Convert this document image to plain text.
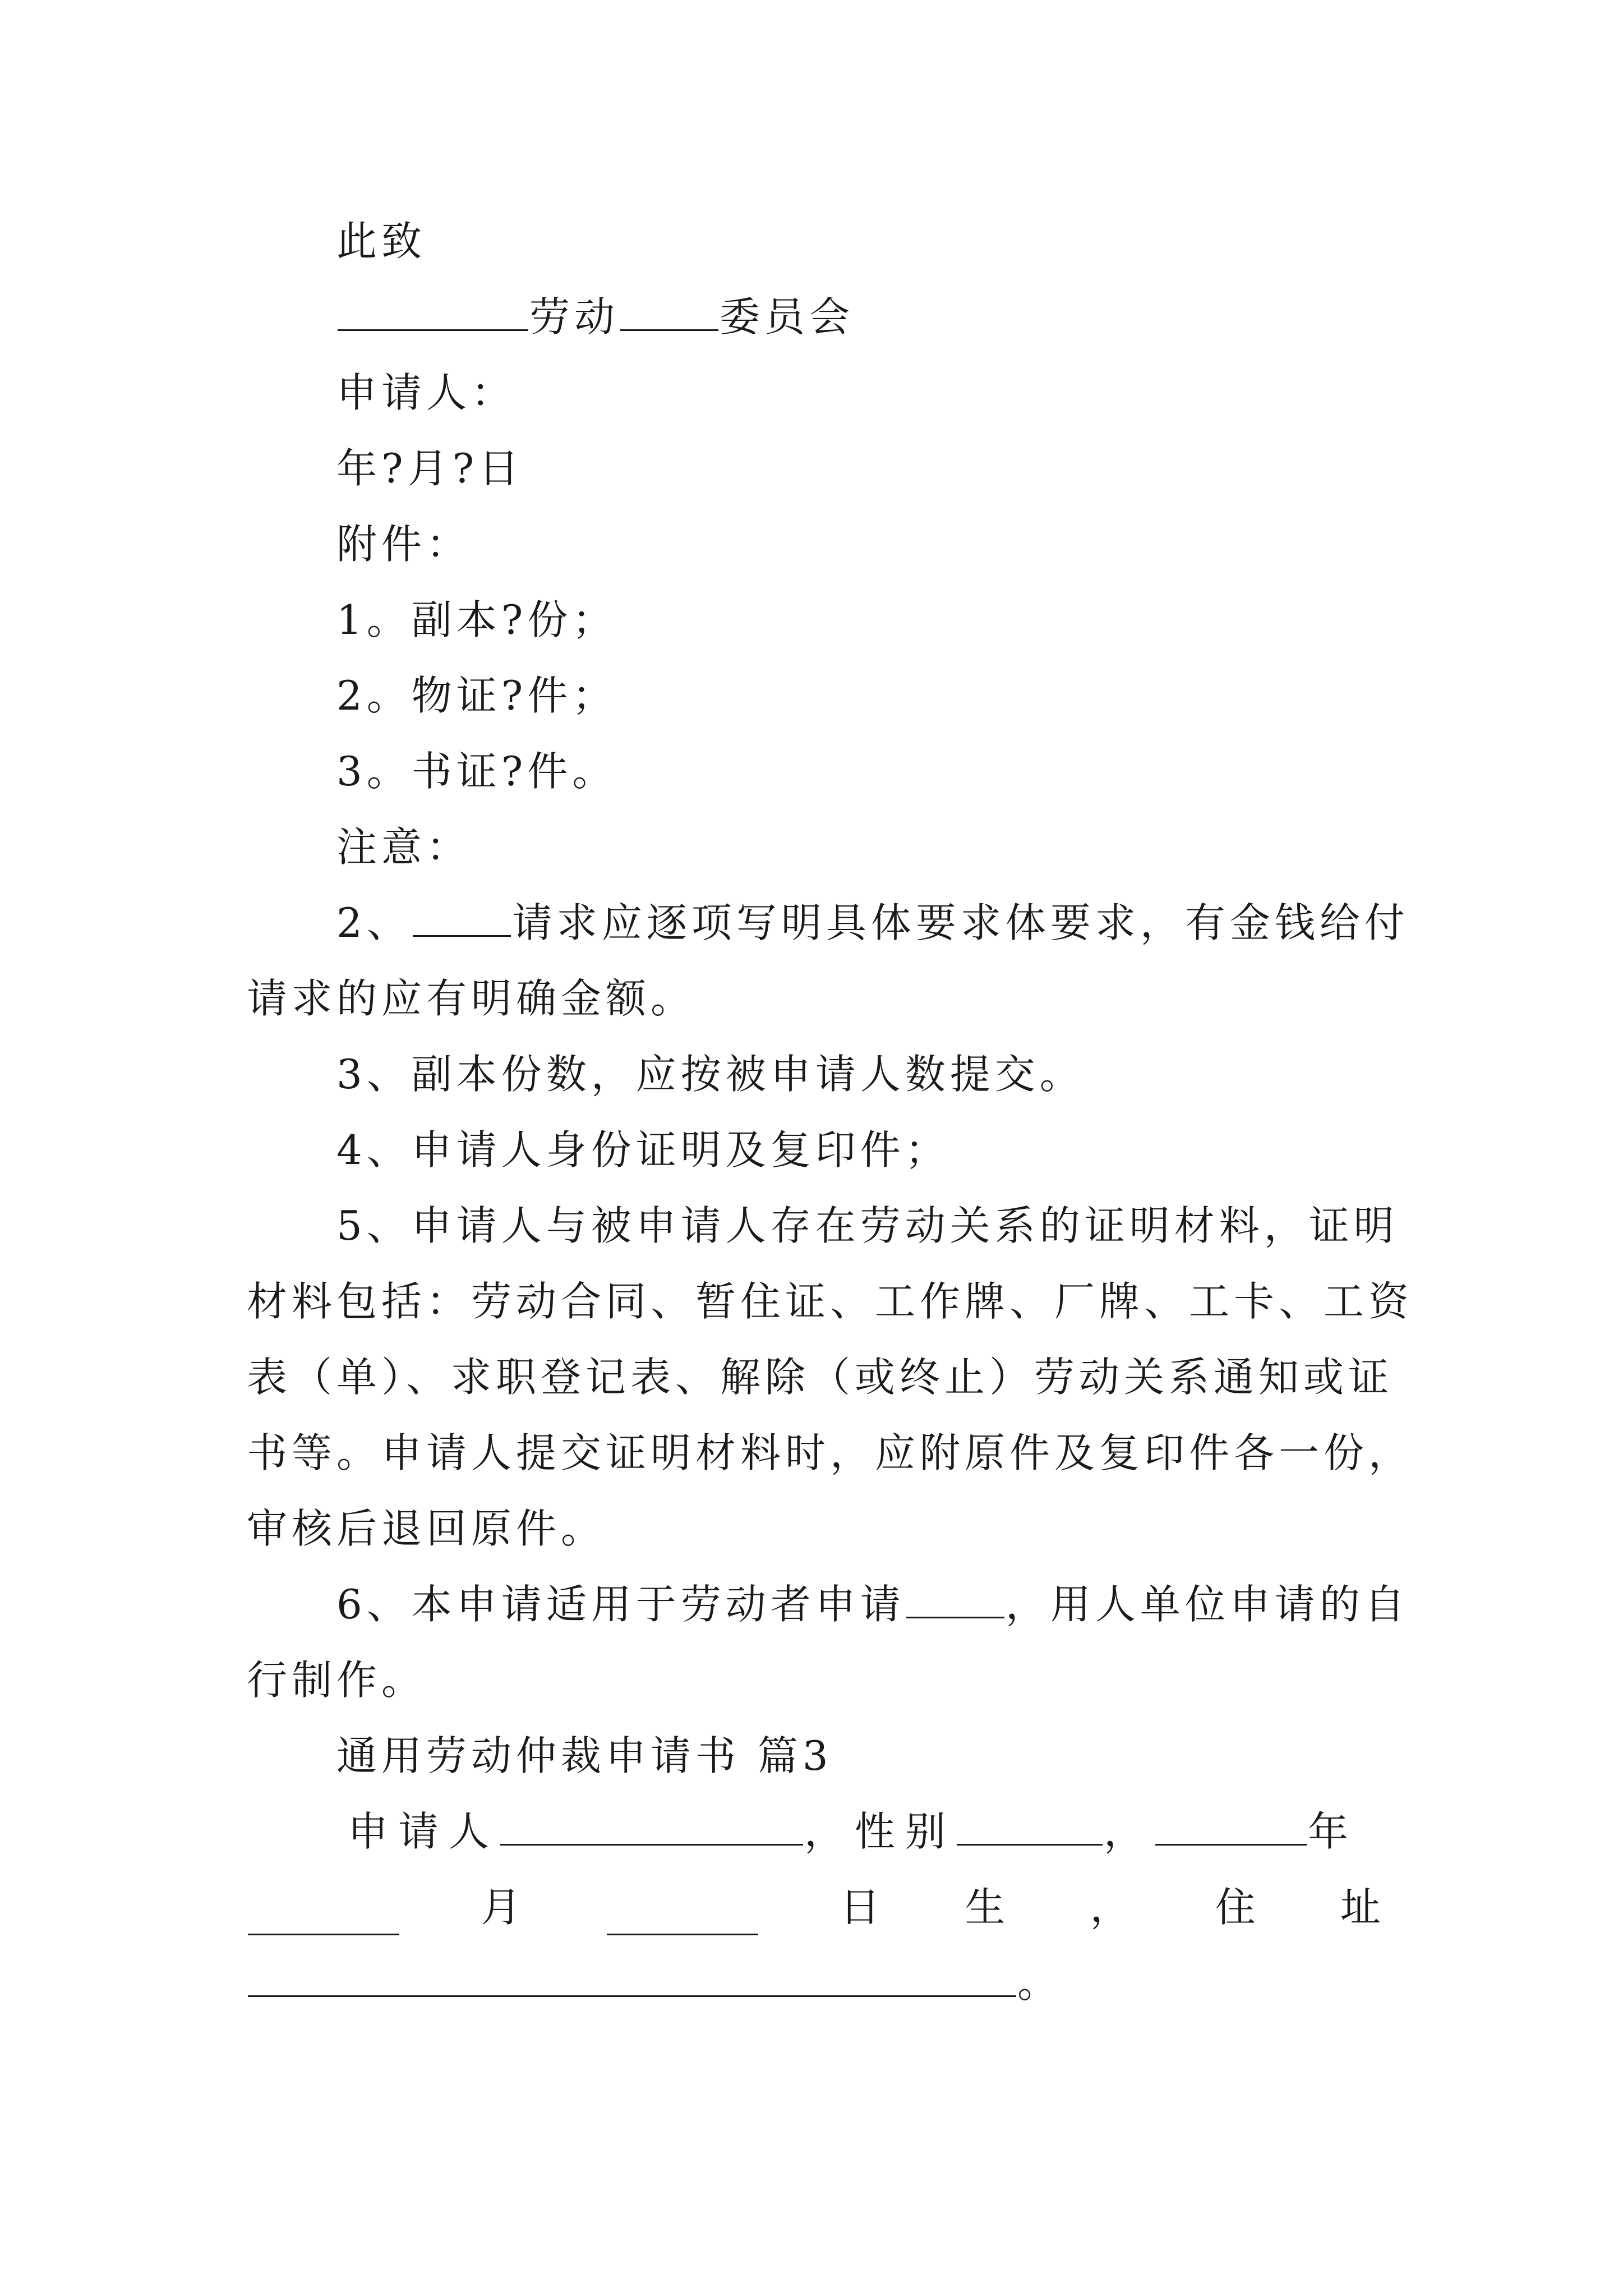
此致
劳动 委员会
申请人：
年?月?日
附件：
1。副本?份；
2。物证?件；
3。书证?件。
注意：
2、 请求应逐项写明具体要求体要求，有金钱给付
请求的应有明确金额。
3、副本份数，应按被申请人数提交。
4、申请人身份证明及复印件；
5、申请人与被申请人存在劳动关系的证明材料，证明
材料包括：劳动合同、暂住证、工作牌、厂牌、工卡、工资
表（单）、求职登记表、解除（或终止）劳动关系通知或证
书等。申请人提交证明材料时，应附原件及复印件各一份，
审核后退回原件。
6、本申请适用于劳动者申请 ，用人单位申请的自
行制作。
通用劳动仲裁申请书 篇3
申请人	，性别	，	年
月	日 生 ， 住 址
。
